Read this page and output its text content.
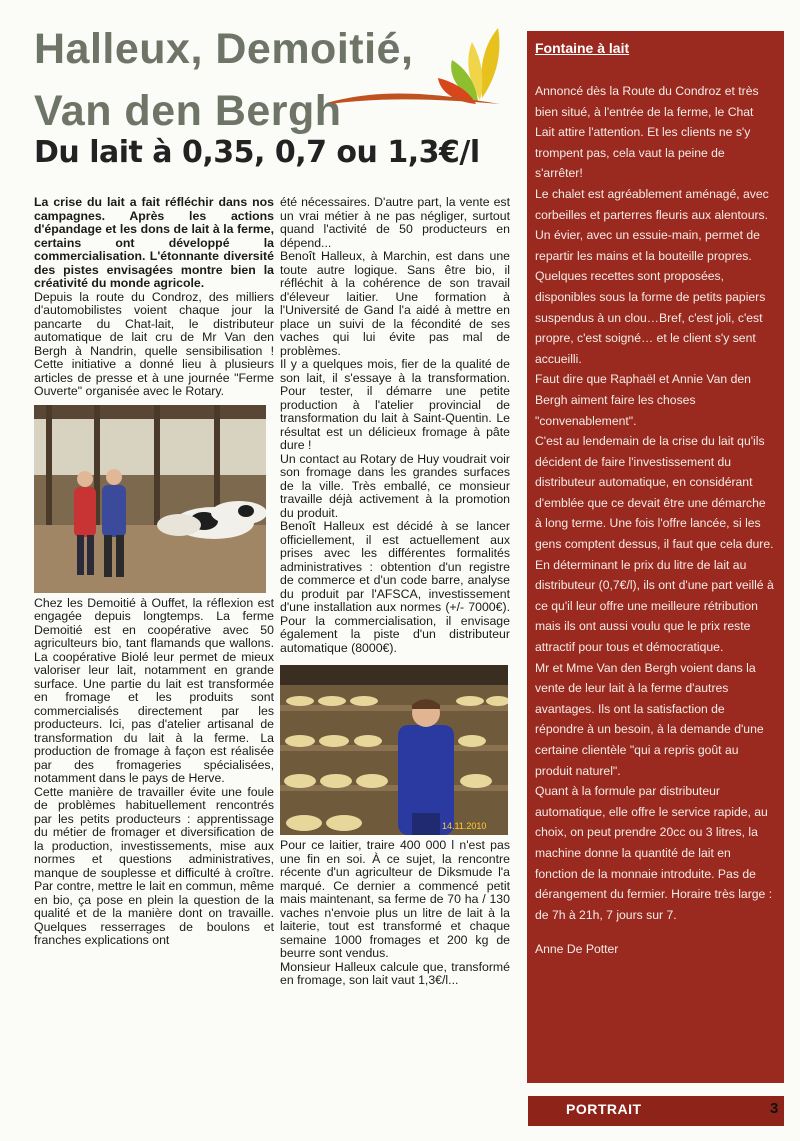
Halleux, Demoitié,
Van den Bergh
Du lait à 0,35, 0,7 ou 1,3€/l

La crise du lait a fait réfléchir dans nos campagnes. Après les actions d'épandage et les dons de lait à la ferme, certains ont développé la commercialisation. L'étonnante diversité des pistes envisagées montre bien la créativité du monde agricole.

Depuis la route du Condroz, des milliers d'automobilistes voient chaque jour la pancarte du Chat-lait, le distributeur automatique de lait cru de Mr Van den Bergh à Nandrin, quelle sensibilisation ! Cette initiative a donné lieu à plusieurs articles de presse et à une journée "Ferme Ouverte" organisée avec le Rotary.

Chez les Demoitié à Ouffet, la réflexion est engagée depuis longtemps. La ferme Demoitié est en coopérative avec 50 agriculteurs bio, tant flamands que wallons. La coopérative Biolé leur permet de mieux valoriser leur lait, notamment en grande surface. Une partie du lait est transformée en fromage et les produits sont commercialisés directement par les producteurs. Ici, pas d'atelier artisanal de transformation du lait à la ferme. La production de fromage à façon est réalisée par des fromageries spécialisées, notamment dans le pays de Herve.

Cette manière de travailler évite une foule de problèmes habituellement rencontrés par les petits producteurs : apprentissage du métier de fromager et diversification de la production, investissements, mise aux normes et questions administratives, manque de souplesse et difficulté à croître. Par contre, mettre le lait en commun, même en bio, ça pose en plein la question de la qualité et de la manière dont on travaille. Quelques resserrages de boulons et franches explications ont

été nécessaires. D'autre part, la vente est un vrai métier à ne pas négliger, surtout quand l'activité de 50 producteurs en dépend...

Benoît Halleux, à Marchin, est dans une toute autre logique. Sans être bio, il réfléchit à la cohérence de son travail d'éleveur laitier. Une formation à l'Université de Gand l'a aidé à mettre en place un suivi de la fécondité de ses vaches qui lui évite pas mal de problèmes.

Il y a quelques mois, fier de la qualité de son lait, il s'essaye à la transformation. Pour tester, il démarre une petite production à l'atelier provincial de transformation du lait à Saint-Quentin. Le résultat est un délicieux fromage à pâte dure !

Un contact au Rotary de Huy voudrait voir son fromage dans les grandes surfaces de la ville. Très emballé, ce monsieur travaille déjà activement à la promotion du produit.

Benoît Halleux est décidé à se lancer officiellement, il est actuellement aux prises avec les différentes formalités administratives : obtention d'un registre de commerce et d'un code barre, analyse du produit par l'AFSCA, investissement d'une installation aux normes (+/- 7000€). Pour la commercialisation, il envisage également la piste d'un distributeur automatique (8000€).

14.11.2010

Pour ce laitier, traire 400 000 l n'est pas une fin en soi. À ce sujet, la rencontre récente d'un agriculteur de Diksmude l'a marqué. Ce dernier a commencé petit mais maintenant, sa ferme de 70 ha / 130 vaches n'envoie plus un litre de lait à la laiterie, tout est transformé et chaque semaine 1000 fromages et 200 kg de beurre sont vendus.

Monsieur Halleux calcule que, transformé en fromage, son lait vaut 1,3€/l...

Fontaine à lait

Annoncé dès la Route du Condroz et très bien situé, à l'entrée de la ferme, le Chat Lait attire l'attention. Et les clients ne s'y trompent pas, cela vaut la peine de s'arrêter!

Le chalet est agréablement aménagé, avec corbeilles et parterres fleuris aux alentours. Un évier, avec un essuie-main, permet de repartir les mains et la bouteille propres. Quelques recettes sont proposées, disponibles sous la forme de petits papiers suspendus à un clou…Bref, c'est joli, c'est propre, c'est soigné… et le client s'y sent accueilli.

Faut dire que Raphaël et Annie Van den Bergh aiment faire les choses "convenablement".

C'est au lendemain de la crise du lait qu'ils décident de faire l'investissement du distributeur automatique, en considérant d'emblée que ce devait être une démarche à long terme. Une fois l'offre lancée, si les gens comptent dessus, il faut que cela dure.

En déterminant le prix du litre de lait au distributeur (0,7€/l), ils ont d'une part veillé à ce qu'il leur offre une meilleure rétribution mais ils ont aussi voulu que le prix reste attractif pour tous et démocratique.

Mr et Mme Van den Bergh voient dans la vente de leur lait à la ferme d'autres avantages. Ils ont la satisfaction de répondre à un besoin, à la demande d'une certaine clientèle "qui a repris goût au produit naturel".

Quant à la formule par distributeur automatique, elle offre le service rapide, au choix, on peut prendre 20cc ou 3 litres, la machine donne la quantité de lait en fonction de la monnaie introduite. Pas de dérangement du fermier. Horaire très large : de 7h à 21h, 7 jours sur 7.

Anne De Potter

PORTRAIT	3
